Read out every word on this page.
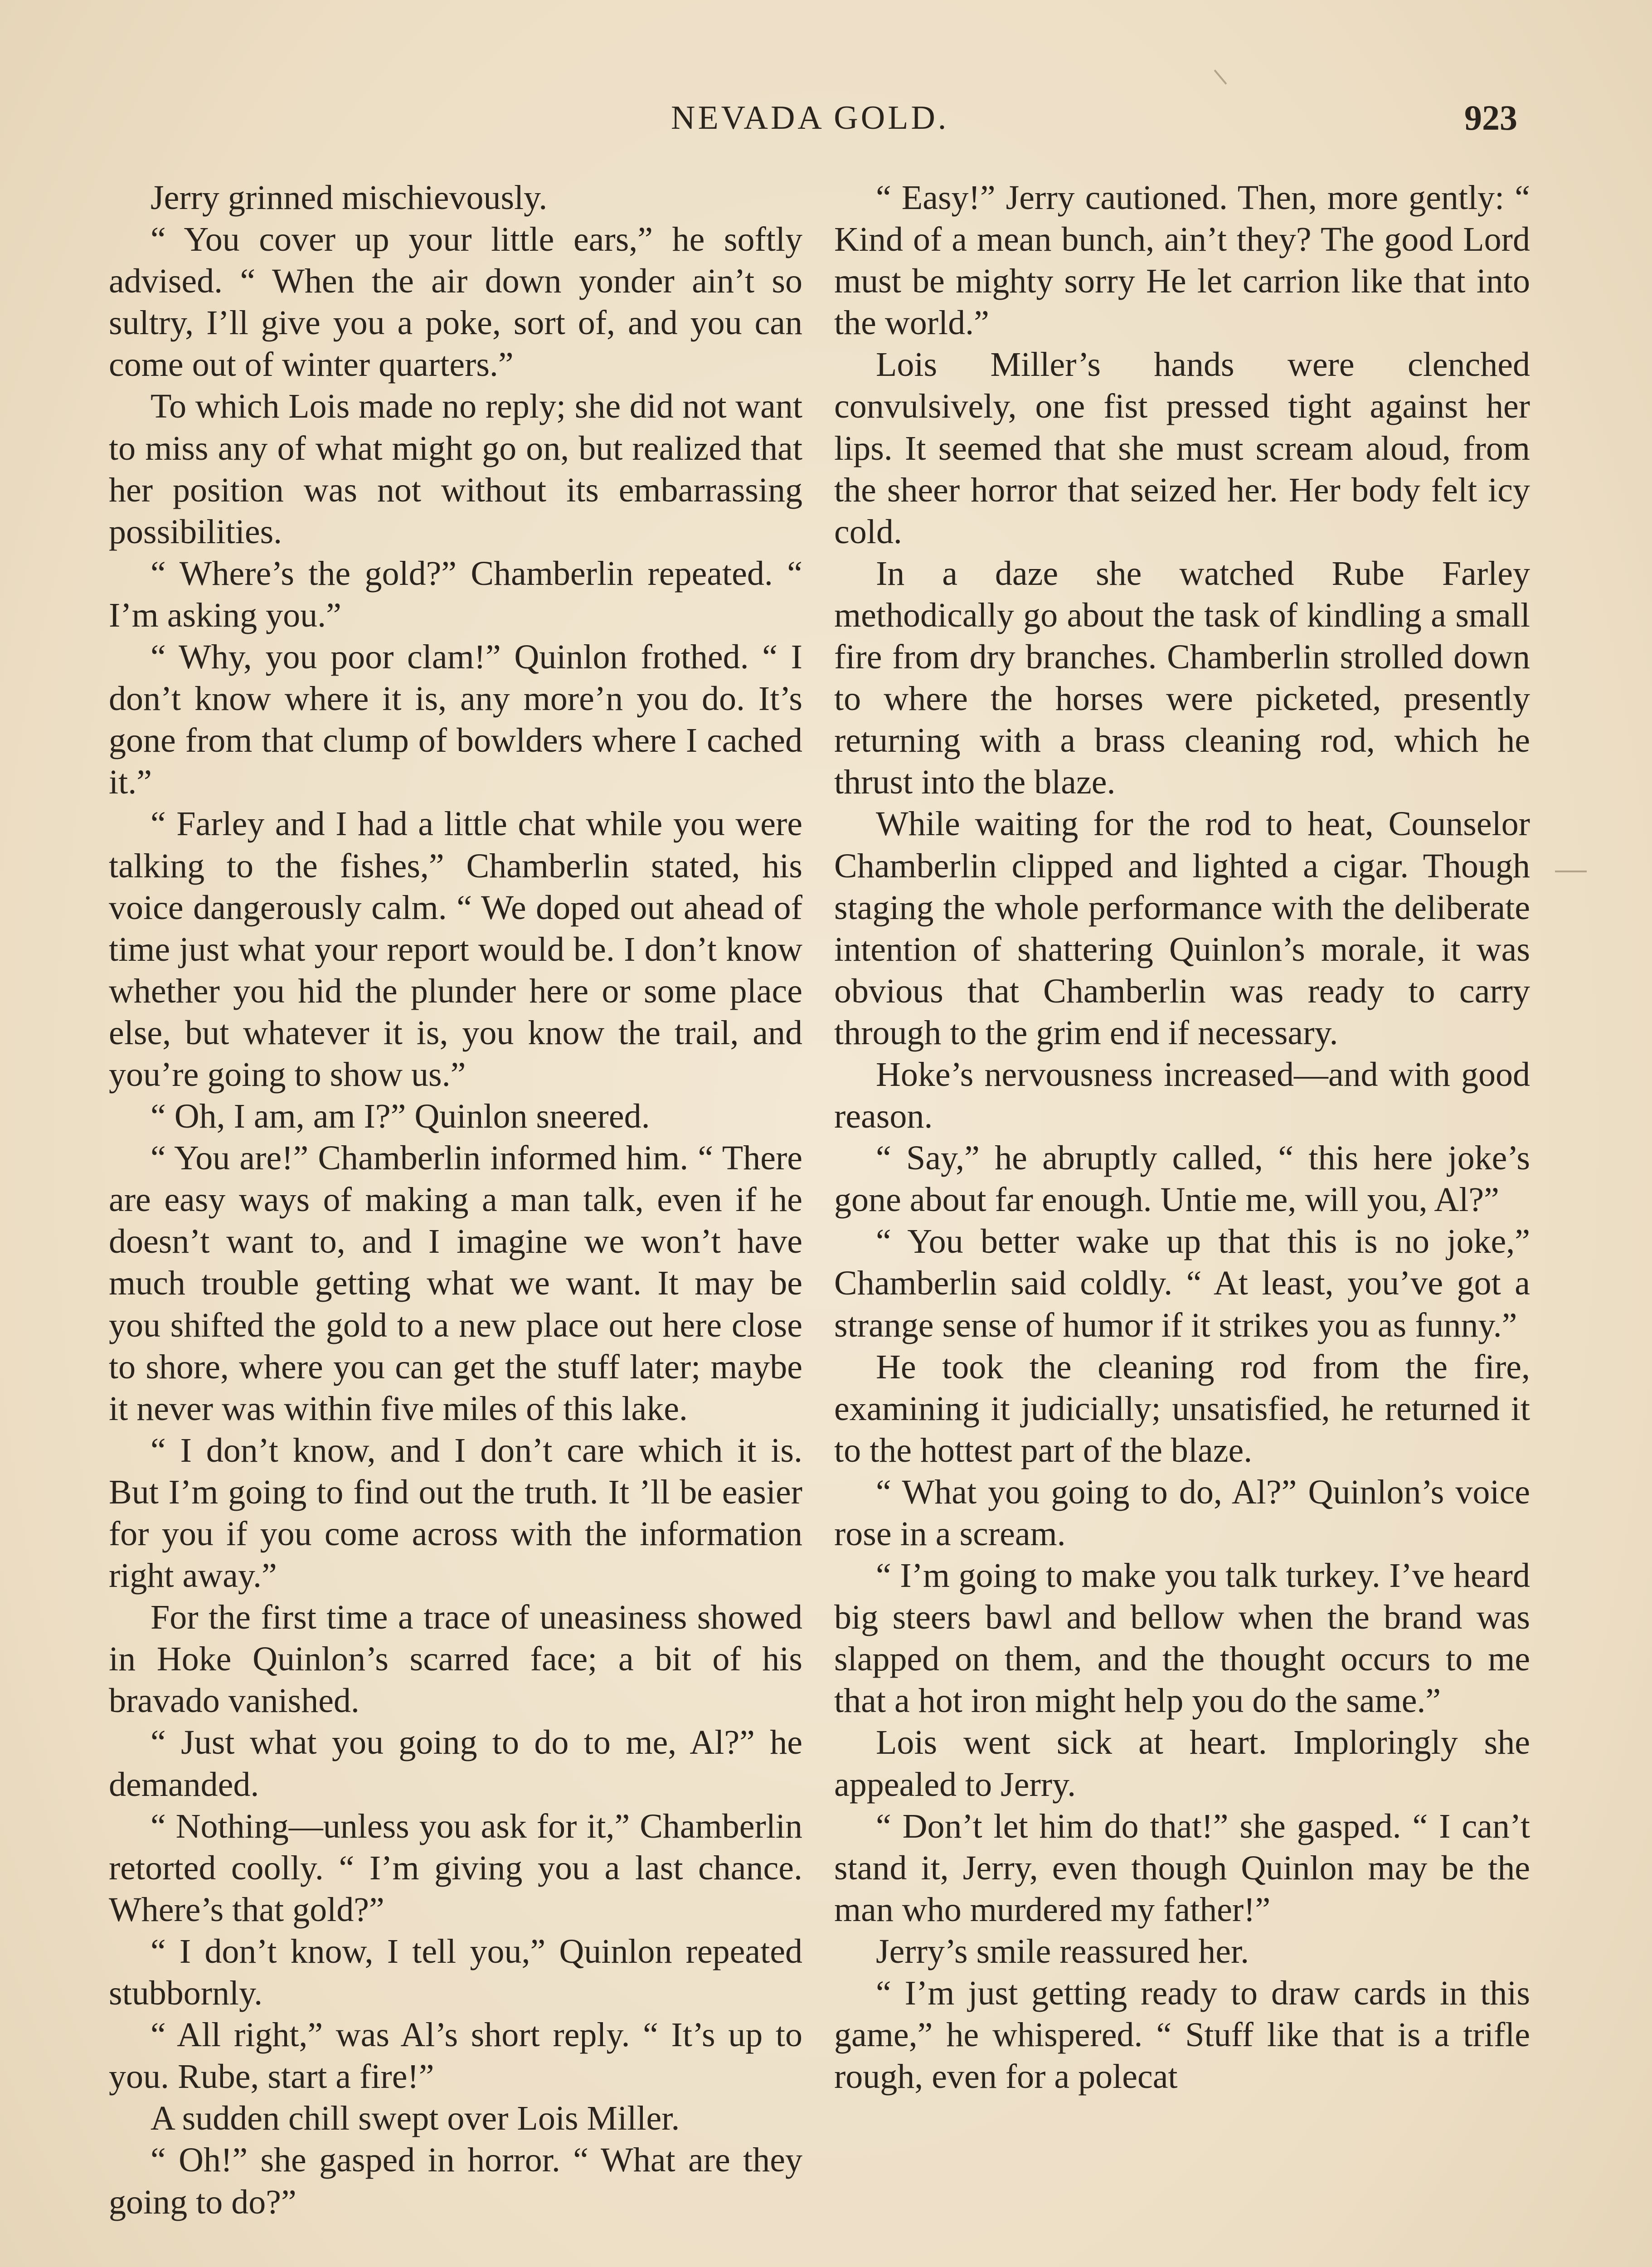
NEVADA GOLD.	923

Jerry grinned mischievously.

“ You cover up your little ears,” he softly advised. “ When the air down yonder ain’t so sultry, I’ll give you a poke, sort of, and you can come out of winter quarters.”

To which Lois made no reply; she did not want to miss any of what might go on, but realized that her position was not without its embarrassing possibilities.

“ Where’s the gold?” Chamberlin repeated. “ I’m asking you.”

“ Why, you poor clam!” Quinlon frothed. “ I don’t know where it is, any more’n you do. It’s gone from that clump of bowlders where I cached it.”

“ Farley and I had a little chat while you were talking to the fishes,” Chamberlin stated, his voice dangerously calm. “ We doped out ahead of time just what your report would be. I don’t know whether you hid the plunder here or some place else, but whatever it is, you know the trail, and you’re going to show us.”

“ Oh, I am, am I?” Quinlon sneered.

“ You are!” Chamberlin informed him. “ There are easy ways of making a man talk, even if he doesn’t want to, and I imagine we won’t have much trouble getting what we want. It may be you shifted the gold to a new place out here close to shore, where you can get the stuff later; maybe it never was within five miles of this lake.

“ I don’t know, and I don’t care which it is. But I’m going to find out the truth. It ’ll be easier for you if you come across with the information right away.”

For the first time a trace of uneasiness showed in Hoke Quinlon’s scarred face; a bit of his bravado vanished.

“ Just what you going to do to me, Al?” he demanded.

“ Nothing—unless you ask for it,” Chamberlin retorted coolly. “ I’m giving you a last chance. Where’s that gold?”

“ I don’t know, I tell you,” Quinlon repeated stubbornly.

“ All right,” was Al’s short reply. “ It’s up to you. Rube, start a fire!”

A sudden chill swept over Lois Miller.

“ Oh!” she gasped in horror. “ What are they going to do?”

“ Easy!” Jerry cautioned. Then, more gently: “ Kind of a mean bunch, ain’t they? The good Lord must be mighty sorry He let carrion like that into the world.”

Lois Miller’s hands were clenched convulsively, one fist pressed tight against her lips. It seemed that she must scream aloud, from the sheer horror that seized her. Her body felt icy cold.

In a daze she watched Rube Farley methodically go about the task of kindling a small fire from dry branches. Chamberlin strolled down to where the horses were picketed, presently returning with a brass cleaning rod, which he thrust into the blaze.

While waiting for the rod to heat, Counselor Chamberlin clipped and lighted a cigar. Though staging the whole performance with the deliberate intention of shattering Quinlon’s morale, it was obvious that Chamberlin was ready to carry through to the grim end if necessary.

Hoke’s nervousness increased—and with good reason.

“ Say,” he abruptly called, “ this here joke’s gone about far enough. Untie me, will you, Al?”

“ You better wake up that this is no joke,” Chamberlin said coldly. “ At least, you’ve got a strange sense of humor if it strikes you as funny.”

He took the cleaning rod from the fire, examining it judicially; unsatisfied, he returned it to the hottest part of the blaze.

“ What you going to do, Al?” Quinlon’s voice rose in a scream.

“ I’m going to make you talk turkey. I’ve heard big steers bawl and bellow when the brand was slapped on them, and the thought occurs to me that a hot iron might help you do the same.”

Lois went sick at heart. Imploringly she appealed to Jerry.

“ Don’t let him do that!” she gasped. “ I can’t stand it, Jerry, even though Quinlon may be the man who murdered my father!”

Jerry’s smile reassured her.

“ I’m just getting ready to draw cards in this game,” he whispered. “ Stuff like that is a trifle rough, even for a polecat
